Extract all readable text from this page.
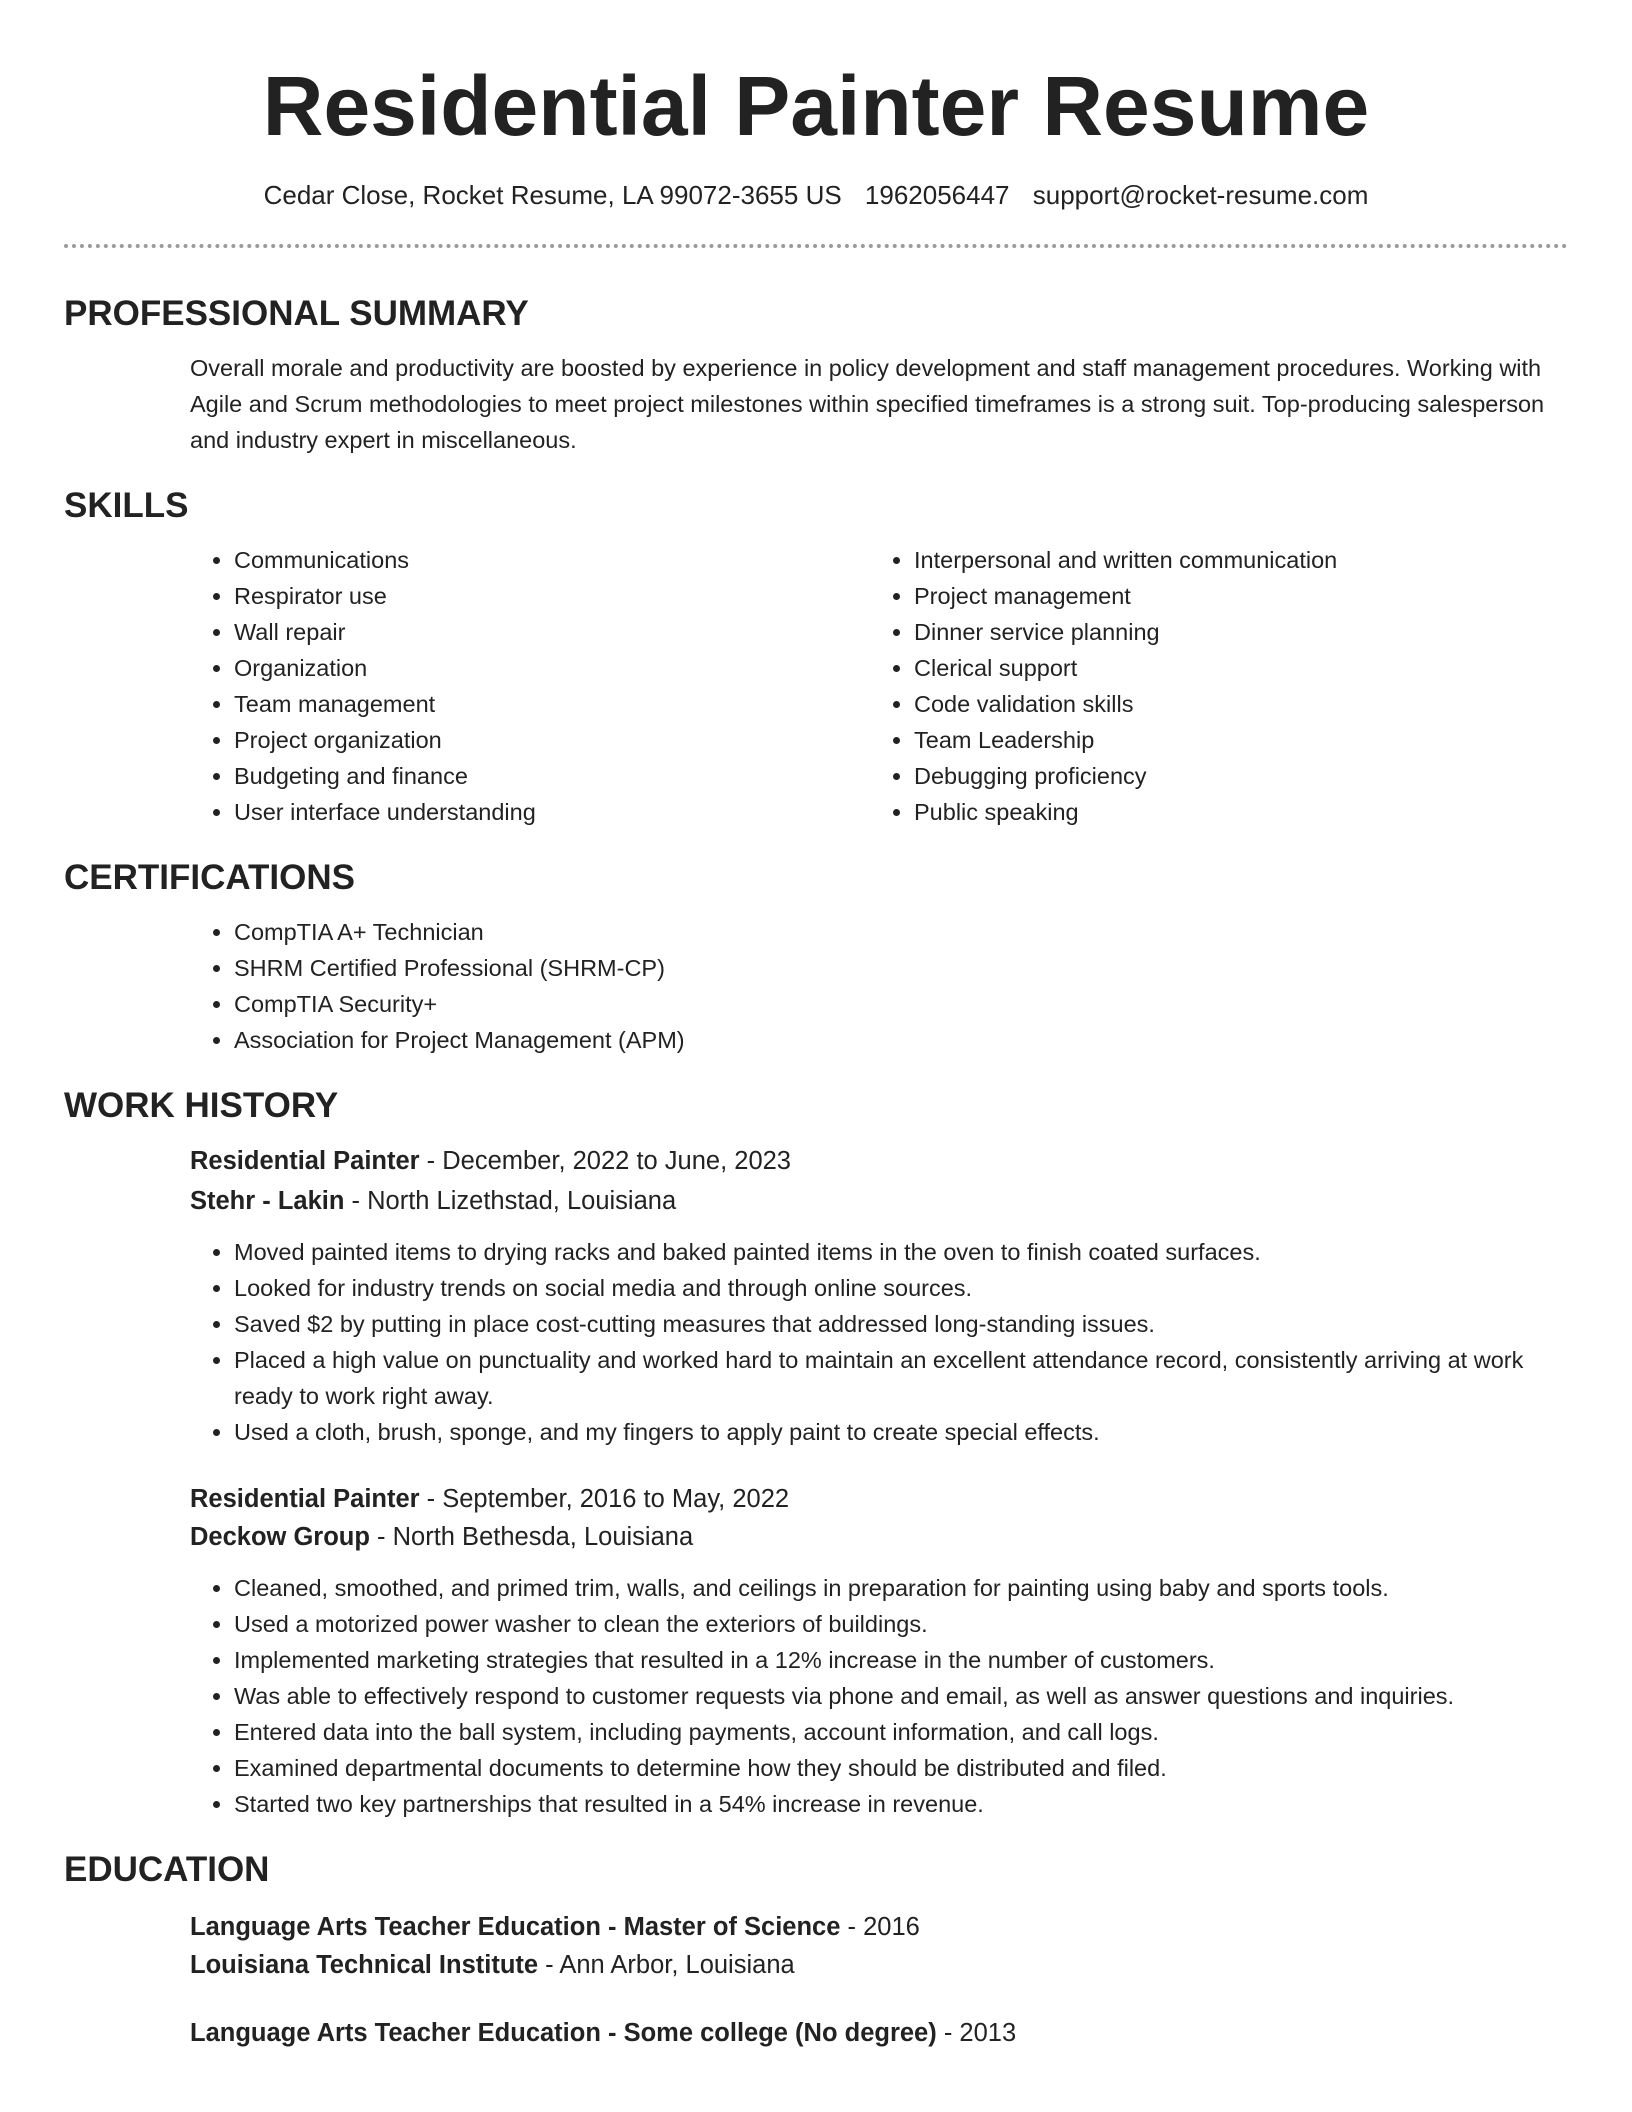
Residential Painter Resume
Cedar Close, Rocket Resume, LA 99072-3655 US 1962056447 support@rocket-resume.com
PROFESSIONAL SUMMARY

Overall morale and productivity are boosted by experience in policy development and staff management procedures. Working with Agile and Scrum methodologies to meet project milestones within specified timeframes is a strong suit. Top-producing salesperson and industry expert in miscellaneous.

SKILLS
• Communications
• Respirator use
• Wall repair
• Organization
• Team management
• Project organization
• Budgeting and finance
• User interface understanding
• Interpersonal and written communication
• Project management
• Dinner service planning
• Clerical support
• Code validation skills
• Team Leadership
• Debugging proficiency
• Public speaking
CERTIFICATIONS
• CompTIA A+ Technician
• SHRM Certified Professional (SHRM-CP)
• CompTIA Security+
• Association for Project Management (APM)
WORK HISTORY
Residential Painter - December, 2022 to June, 2023
Stehr - Lakin - North Lizethstad, Louisiana
• Moved painted items to drying racks and baked painted items in the oven to finish coated surfaces.
• Looked for industry trends on social media and through online sources.
• Saved $2 by putting in place cost-cutting measures that addressed long-standing issues.
• Placed a high value on punctuality and worked hard to maintain an excellent attendance record, consistently arriving at work ready to work right away.
• Used a cloth, brush, sponge, and my fingers to apply paint to create special effects.
Residential Painter - September, 2016 to May, 2022
Deckow Group - North Bethesda, Louisiana
• Cleaned, smoothed, and primed trim, walls, and ceilings in preparation for painting using baby and sports tools.
• Used a motorized power washer to clean the exteriors of buildings.
• Implemented marketing strategies that resulted in a 12% increase in the number of customers.
• Was able to effectively respond to customer requests via phone and email, as well as answer questions and inquiries.
• Entered data into the ball system, including payments, account information, and call logs.
• Examined departmental documents to determine how they should be distributed and filed.
• Started two key partnerships that resulted in a 54% increase in revenue.
EDUCATION
Language Arts Teacher Education - Master of Science - 2016
Louisiana Technical Institute - Ann Arbor, Louisiana
Language Arts Teacher Education - Some college (No degree) - 2013
